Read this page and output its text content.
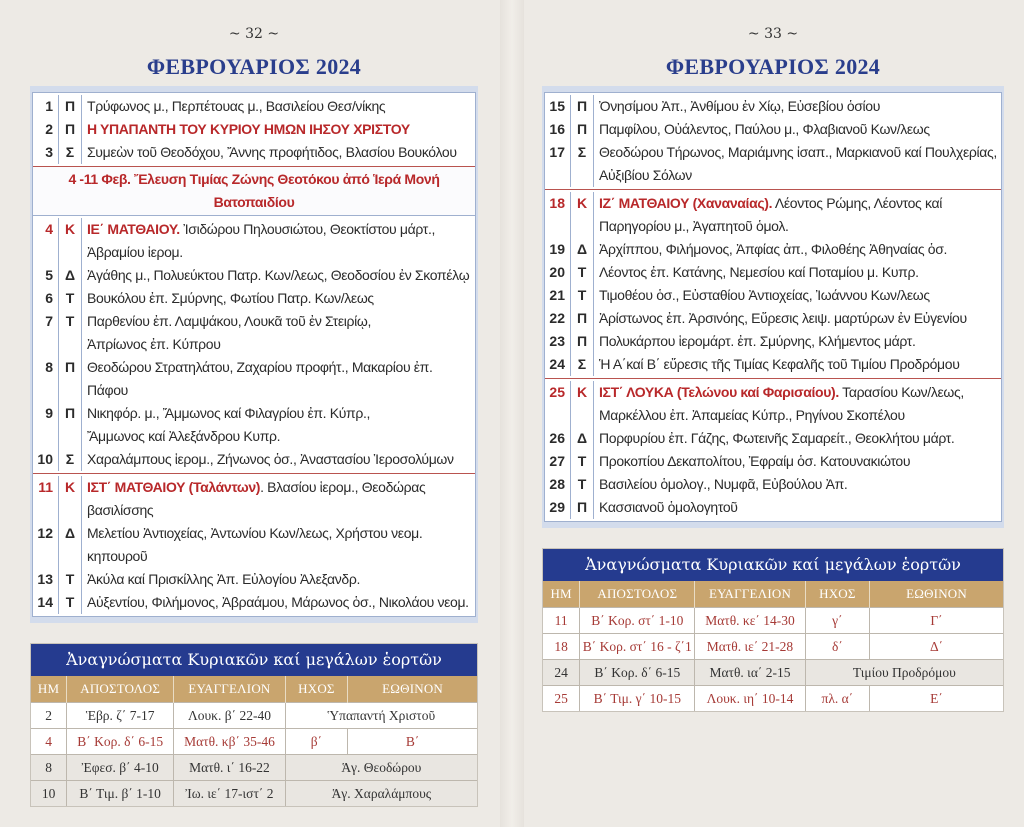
~ 32 ~
ΦΕΒΡΟΥΑΡΙΟΣ 2024
1 Π Τρύφωνος μ., Περπέτουας μ., Βασιλείου Θεσ/νίκης
2 Π Η ΥΠΑΠΑΝΤΗ ΤΟΥ ΚΥΡΙΟΥ ΗΜΩΝ ΙΗΣΟΥ ΧΡΙΣΤΟΥ
3 Σ Συμεὼν τοῦ Θεοδόχου, Ἄννης προφήτιδος, Βλασίου Βουκόλου
4 -11 Φεβ. Ἔλευση Τιμίας Ζώνης Θεοτόκου ἀπό Ἱερά Μονή Βατοπαιδίου
4 Κ ΙΕ΄ ΜΑΤΘΑΙΟΥ. Ἰσιδώρου Πηλουσιώτου, Θεοκτίστου μάρτ.,
Ἀβραμίου ἱερομ.
5 Δ Ἀγάθης μ., Πολυεύκτου Πατρ. Κων/λεως, Θεοδοσίου ἐν Σκοπέλῳ
6 Τ Βουκόλου ἐπ. Σμύρνης, Φωτίου Πατρ. Κων/λεως
7 Τ Παρθενίου ἐπ. Λαμψάκου, Λουκᾶ τοῦ ἐν Στειρίῳ,
Ἀπρίωνος ἐπ. Κύπρου
8 Π Θεοδώρου Στρατηλάτου, Ζαχαρίου προφήτ., Μακαρίου ἐπ. Πάφου
9 Π Νικηφόρ. μ., Ἄμμωνος καί Φιλαγρίου ἐπ. Κύπρ.,
Ἄμμωνος καί Ἀλεξάνδρου Κυπρ.
10 Σ Χαραλάμπους ἱερομ., Ζήνωνος ὁσ., Ἀναστασίου Ἱεροσολύμων
11 Κ ΙΣΤ΄ ΜΑΤΘΑΙΟΥ (Ταλάντων). Βλασίου ἱερομ., Θεοδώρας βασιλίσσης
12 Δ Μελετίου Ἀντιοχείας, Ἀντωνίου Κων/λεως, Χρήστου νεομ. κηπουροῦ
13 Τ Ἀκύλα καί Πρισκίλλης Ἀπ. Εὐλογίου Ἀλεξανδρ.
14 Τ Αὐξεντίου, Φιλήμονος, Ἀβραάμου, Μάρωνος ὁσ., Νικολάου νεομ.
Ἀναγνώσματα Κυριακῶν καί μεγάλων ἑορτῶν
ΗΜ	ΑΠΟΣΤΟΛΟΣ	ΕΥΑΓΓΕΛΙΟΝ	ΗΧΟΣ	ΕΩΘΙΝΟΝ
2	Ἑβρ. ζ΄ 7-17	Λουκ. β΄ 22-40	Ὑπαπαντή Χριστοῦ	
4	Β΄ Κορ. δ΄ 6-15	Ματθ. κβ΄ 35-46	β΄	Β΄
8	Ἐφεσ. β΄ 4-10	Ματθ. ι΄ 16-22	Ἁγ. Θεοδώρου	
10	Β΄ Τιμ. β΄ 1-10	Ἰω. ιε΄ 17-ιστ΄ 2	Ἁγ. Χαραλάμπους	
~ 33 ~
ΦΕΒΡΟΥΑΡΙΟΣ 2024
15 Π Ὀνησίμου Ἀπ., Ἀνθίμου ἐν Χίῳ, Εὐσεβίου ὁσίου
16 Π Παμφίλου, Οὐάλεντος, Παύλου μ., Φλαβιανοῦ Κων/λεως
17 Σ Θεοδώρου Τήρωνος, Μαριάμνης ἰσαπ., Μαρκιανοῦ καί Πουλχερίας,
Αὐξιβίου Σόλων
18 Κ ΙΖ΄ ΜΑΤΘΑΙΟΥ (Χαναναίας). Λέοντος Ρώμης, Λέοντος καί
Παρηγορίου μ., Ἀγαπητοῦ ὁμολ.
19 Δ Ἀρχίππου, Φιλήμονος, Ἀπφίας ἀπ., Φιλοθέης Ἀθηναίας ὁσ.
20 Τ Λέοντος ἐπ. Κατάνης, Νεμεσίου καί Ποταμίου μ. Κυπρ.
21 Τ Τιμοθέου ὁσ., Εὐσταθίου Ἀντιοχείας, Ἰωάννου Κων/λεως
22 Π Ἀρίστωνος ἐπ. Ἀρσινόης, Εὕρεσις λειψ. μαρτύρων ἐν Εὐγενίου
23 Π Πολυκάρπου ἱερομάρτ. ἐπ. Σμύρνης, Κλήμεντος μάρτ.
24 Σ Ἡ Α΄καί Β΄ εὕρεσις τῆς Τιμίας Κεφαλῆς τοῦ Τιμίου Προδρόμου
25 Κ ΙΣΤ΄ ΛΟΥΚΑ (Τελώνου καί Φαρισαίου). Ταρασίου Κων/λεως,
Μαρκέλλου ἐπ. Ἀπαμείας Κύπρ., Ρηγίνου Σκοπέλου
26 Δ Πορφυρίου ἐπ. Γάζης, Φωτεινῆς Σαμαρείτ., Θεοκλήτου μάρτ.
27 Τ Προκοπίου Δεκαπολίτου, Ἐφραίμ ὁσ. Κατουνακιώτου
28 Τ Βασιλείου ὁμολογ., Νυμφᾶ, Εὐβούλου Ἀπ.
29 Π Κασσιανοῦ ὁμολογητοῦ
Ἀναγνώσματα Κυριακῶν καί μεγάλων ἑορτῶν
ΗΜ	ΑΠΟΣΤΟΛΟΣ	ΕΥΑΓΓΕΛΙΟΝ	ΗΧΟΣ	ΕΩΘΙΝΟΝ
11	Β΄ Κορ. στ΄ 1-10	Ματθ. κε΄ 14-30	γ΄	Γ΄
18	Β΄ Κορ. στ΄ 16 - ζ΄1	Ματθ. ιε΄ 21-28	δ΄	Δ΄
24	Β΄ Κορ. δ΄ 6-15	Ματθ. ια΄ 2-15	Τιμίου Προδρόμου	
25	Β΄ Τιμ. γ΄ 10-15	Λουκ. ιη΄ 10-14	πλ. α΄	Ε΄
